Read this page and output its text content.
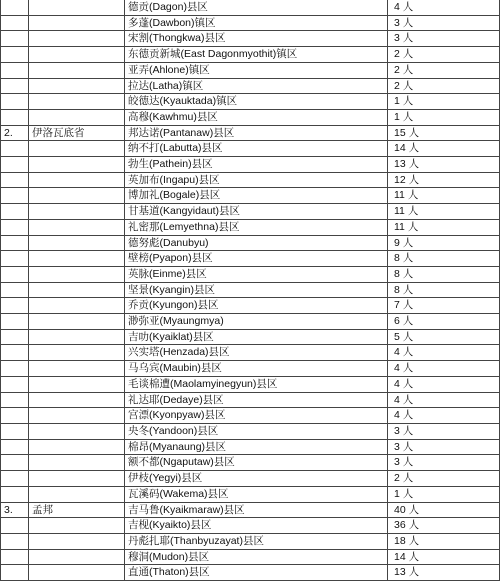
		德贡(Dagon)县区	4 人
		多蓬(Dawbon)镇区	3 人
		宋割(Thongkwa)县区	3 人
		东德贡新城(East Dagonmyothit)镇区	2 人
		亚弄(Ahlone)镇区	2 人
		拉达(Latha)镇区	2 人
		皎德达(Kyauktada)镇区	1 人
		高穆(Kawhmu)县区	1 人
2.	伊洛瓦底省	邦达诺(Pantanaw)县区	15 人
		纳不打(Labutta)县区	14 人
		勃生(Pathein)县区	13 人
		英加布(Ingapu)县区	12 人
		博加礼(Bogale)县区	11 人
		甘基道(Kangyidaut)县区	11 人
		礼密那(Lemyethna)县区	11 人
		德努彪(Danubyu)	9 人
		壁榜(Pyapon)县区	8 人
		英脉(Einme)县区	8 人
		坚景(Kyangin)县区	8 人
		乔贡(Kyungon)县区	7 人
		渺弥亚(Myaungmya)	6 人
		吉叻(Kyaiklat)县区	5 人
		兴实塔(Henzada)县区	4 人
		马乌宾(Maubin)县区	4 人
		毛谈棉遭(Maolamyinegyun)县区	4 人
		礼达耶(Dedaye)县区	4 人
		宫漂(Kyonpyaw)县区	4 人
		央冬(Yandoon)县区	3 人
		棉昂(Myanaung)县区	3 人
		额不都(Ngaputaw)县区	3 人
		伊枝(Yegyi)县区	2 人
		瓦溪码(Wakema)县区	1 人
3.	孟邦	吉马鲁(Kyaikmaraw)县区	40 人
		吉枧(Kyaikto)县区	36 人
		丹彪扎耶(Thanbyuzayat)县区	18 人
		穆洞(Mudon)县区	14 人
		直通(Thaton)县区	13 人
